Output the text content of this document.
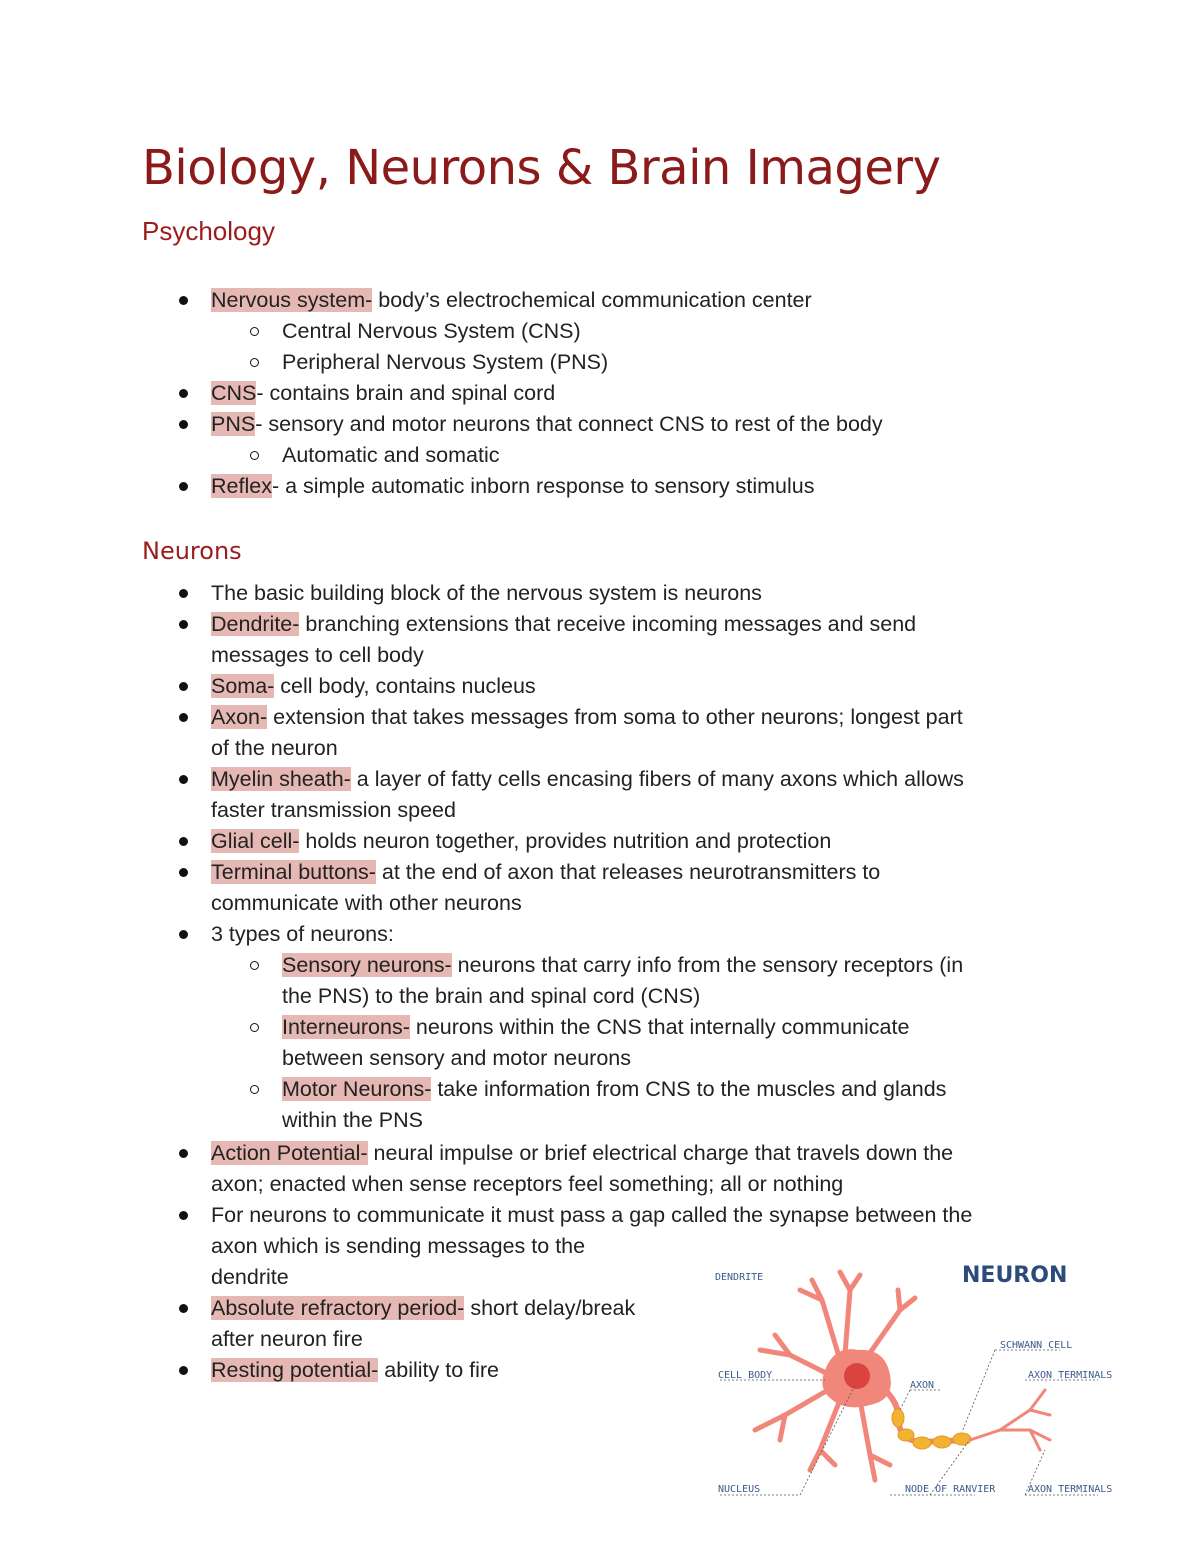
Biology, Neurons & Brain Imagery
Psychology

Nervous system- body’s electrochemical communication center

Central Nervous System (CNS)

Peripheral Nervous System (PNS)

CNS- contains brain and spinal cord

PNS- sensory and motor neurons that connect CNS to rest of the body

Automatic and somatic

Reflex- a simple automatic inborn response to sensory stimulus

Neurons

The basic building block of the nervous system is neurons

Dendrite- branching extensions that receive incoming messages and send

messages to cell body

Soma- cell body, contains nucleus

Axon- extension that takes messages from soma to other neurons; longest part

of the neuron

Myelin sheath- a layer of fatty cells encasing fibers of many axons which allows

faster transmission speed

Glial cell- holds neuron together, provides nutrition and protection

Terminal buttons- at the end of axon that releases neurotransmitters to

communicate with other neurons

3 types of neurons:

Sensory neurons- neurons that carry info from the sensory receptors (in

the PNS) to the brain and spinal cord (CNS)

Interneurons- neurons within the CNS that internally communicate

between sensory and motor neurons

Motor Neurons- take information from CNS to the muscles and glands

within the PNS

Action Potential- neural impulse or brief electrical charge that travels down the

axon; enacted when sense receptors feel something; all or nothing

For neurons to communicate it must pass a gap called the synapse between the

axon which is sending messages to the

dendrite

Absolute refractory period- short delay/break

after neuron fire

Resting potential- ability to fire

NEURON
DENDRITE
CELL BODY
NUCLEUS
AXON
SCHWANN CELL
NODE OF RANVIER
AXON TERMINALS
AXON TERMINALS
